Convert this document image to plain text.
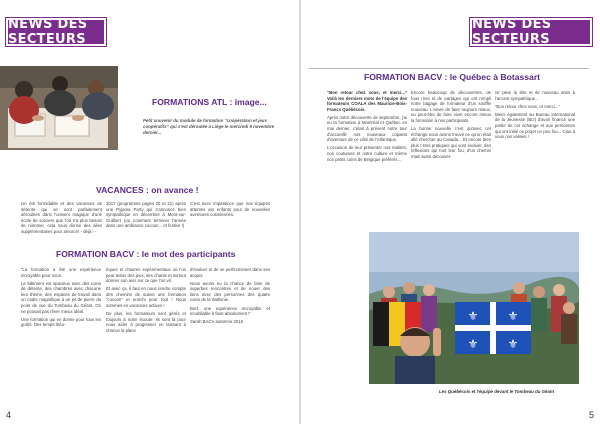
NEWS DES SECTEURS
FORMATIONS ATL : image...
Petit souvenir du module de formation “coopération et jeux coopératifs” qui s'est déroulée à Liège le mercredi 9 novembre dernier...
VACANCES : on avance !
Un été formidable et des vacances de détente qui se sont parfaitement déroulées dans l'univers magique d'une école de sorciers que l'on n'a plus besoin de nommer, cela nous donne des ailes supplémentaires pour amorcer - déjà ! -
2017 (programme pages 20 et 21) après une Pyjama Party qui s'annonce bien sympathique en décembre à Mont-sur-Guilbert (ou comment terminer l'année dans une ambiance cocoon... et festive !)
C'est avec impatience que nos équipes attentes vos enfants pour de nouvelles aventures coloniennes.
FORMATION BACV : le mot des participants

“La formation a été une expérience incroyable pour nous.

Le bâtiment est spacieux avec des coins de détente, des chambres avec chacune leur thème, des espaces de travail dans un cadre magnifique à un jet de pierre du point de vue du Tombeau du Géant. On ne pouvait pas rêver mieux idéal.

Une formation qui en donne pour tous les goûts. Des temps théo-

riques et d'autres expérimentaux où l'on peut tester des jeux, des chants et surtout donner son avis sur ce que l'on vit.

Et avec ça, il faut en nous rendre compte des chemins de suave une formation “cocoon” et enrichi pour tout ! Nous sommes en vacances actives !

De plus, les formateurs sont gérés et toujours à notre écoute. Ils sont là pour nous aider à progresser en laissant à chacun la place

d'évoluer et de se perfectionner dans ses acquis.

Nous avons eu la chance de faire de superbes rencontres et de nouer des liens avec des personnes des quatre coins de la Wallonie.

Bref, une expérience incroyable et inoubliable à faire absolument !”

Sarah BACV automne 2016

4
NEWS DES SECTEURS
FORMATION BACV : le Québec à Botassart

“Bon retour chez vous, et merci...” Voilà les derniers mots de l'équipe des formateurs COALA des Mauricie-Bois-Francs Québécois.

Après notre découverte de septembre, j'ai eu la formation à Montréal et Québec en mai dernier, c'était à présent notre tour d'accueillir nos nouveaux copains d'aventure de ce côté de l'Atlantique.

L'occasion de leur présenter nos réalités, nos coutumes et notre culture et même nos petits coins de Belgique préférés...

Encore beaucoup de découvertes, de fous rires et de partages qui ont rempli notre bagage de formateur d'un souffle nouveau. L'envie de faire toujours mieux, ou peut-être de faire vivre encore mieux la formation à nos participants.

La bonne nouvelle c'est qu'avec cet échange nous avons trouvé ce qu'on était allé chercher au Canada... Et encore bien plus ! Des pratiques qui vont évoluer, des réflexions qui font leur fou, d'un chemin mais aussi découver-

nir plein la tête et de nouveau amis à l'accent sympathique...

“Bon retour chez vous, et merci...”

Merci également au Bureau International de la Jeunesse (BIJ) d'avoir financé une partie de cet échange et aux personnes qui ont initié ce projet un peu fou... Ciao à vous nos valises !

⚜ ⚜
⚜ ⚜
Les Québécois et l'équipe devant le Tombeau du Géant
5
